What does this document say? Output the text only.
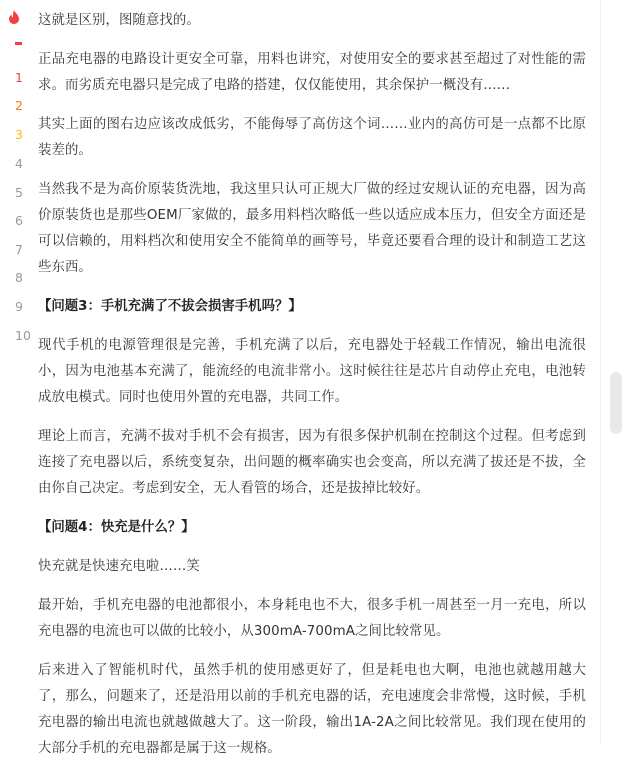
这就是区别，图随意找的。

正品充电器的电路设计更安全可靠，用料也讲究，对使用安全的要求甚至超过了对性能的需求。而劣质充电器只是完成了电路的搭建，仅仅能使用，其余保护一概没有……

其实上面的图右边应该改成低劣，不能侮辱了高仿这个词……业内的高仿可是一点都不比原装差的。

当然我不是为高价原装货洗地，我这里只认可正规大厂做的经过安规认证的充电器，因为高价原装货也是那些OEM厂家做的，最多用料档次略低一些以适应成本压力，但安全方面还是可以信赖的，用料档次和使用安全不能简单的画等号，毕竟还要看合理的设计和制造工艺这些东西。

【问题3：手机充满了不拔会损害手机吗？】

现代手机的电源管理很是完善，手机充满了以后，充电器处于轻载工作情况，输出电流很小，因为电池基本充满了，能流经的电流非常小。这时候往往是芯片自动停止充电，电池转成放电模式。同时也使用外置的充电器，共同工作。

理论上而言，充满不拔对手机不会有损害，因为有很多保护机制在控制这个过程。但考虑到连接了充电器以后，系统变复杂，出问题的概率确实也会变高，所以充满了拔还是不拔，全由你自己决定。考虑到安全，无人看管的场合，还是拔掉比较好。

【问题4：快充是什么？】

快充就是快速充电啦……笑

最开始，手机充电器的电池都很小，本身耗电也不大，很多手机一周甚至一月一充电，所以充电器的电流也可以做的比较小，从300mA-700mA之间比较常见。

后来进入了智能机时代，虽然手机的使用感更好了，但是耗电也大啊，电池也就越用越大了，那么，问题来了，还是沿用以前的手机充电器的话，充电速度会非常慢，这时候，手机充电器的输出电流也就越做越大了。这一阶段，输出1A-2A之间比较常见。我们现在使用的大部分手机的充电器都是属于这一规格。

1
2
3
4
5
6
7
8
9
10
